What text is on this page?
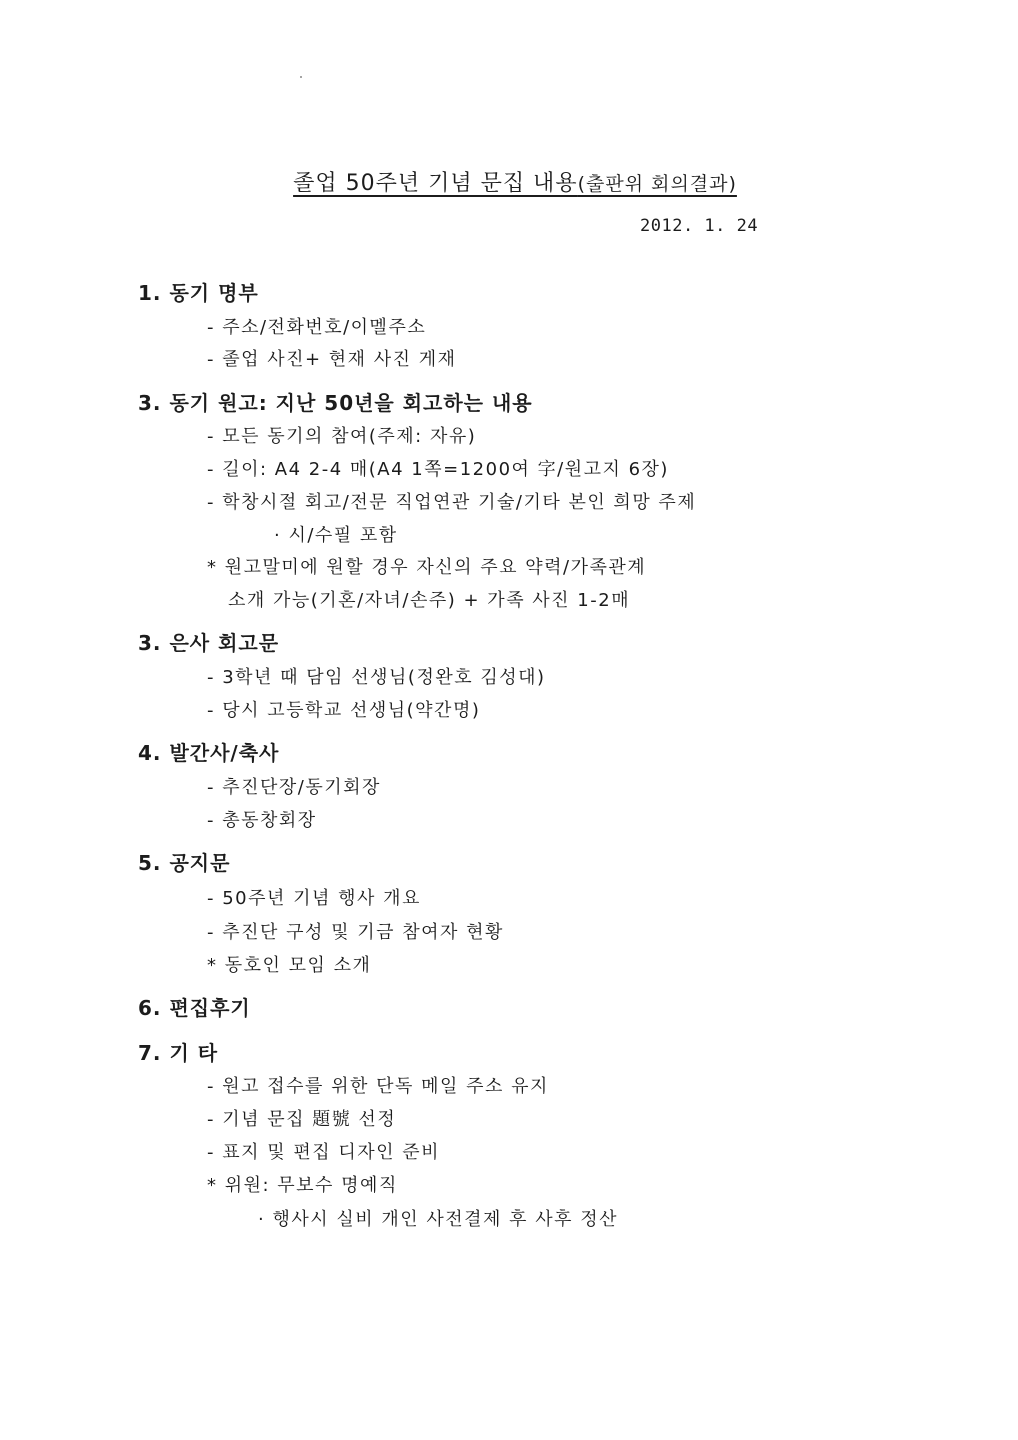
졸업 50주년 기념 문집 내용(출판위 회의결과)
2012. 1. 24
1. 동기 명부
- 주소/전화번호/이멜주소
- 졸업 사진+ 현재 사진 게재
3. 동기 원고: 지난 50년을 회고하는 내용
- 모든 동기의 참여(주제: 자유)
- 길이: A4 2-4 매(A4 1쪽=1200여 字/원고지 6장)
- 학창시절 회고/전문 직업연관 기술/기타 본인 희망 주제
· 시/수필 포함
* 원고말미에 원할 경우 자신의 주요 약력/가족관계
소개 가능(기혼/자녀/손주) + 가족 사진 1-2매
3. 은사 회고문
- 3학년 때 담임 선생님(정완호 김성대)
- 당시 고등학교 선생님(약간명)
4. 발간사/축사
- 추진단장/동기회장
- 총동창회장
5. 공지문
- 50주년 기념 행사 개요
- 추진단 구성 및 기금 참여자 현황
* 동호인 모임 소개
6. 편집후기
7. 기 타
- 원고 접수를 위한 단독 메일 주소 유지
- 기념 문집 題號 선정
- 표지 및 편집 디자인 준비
* 위원: 무보수 명예직
· 행사시 실비 개인 사전결제 후 사후 정산
